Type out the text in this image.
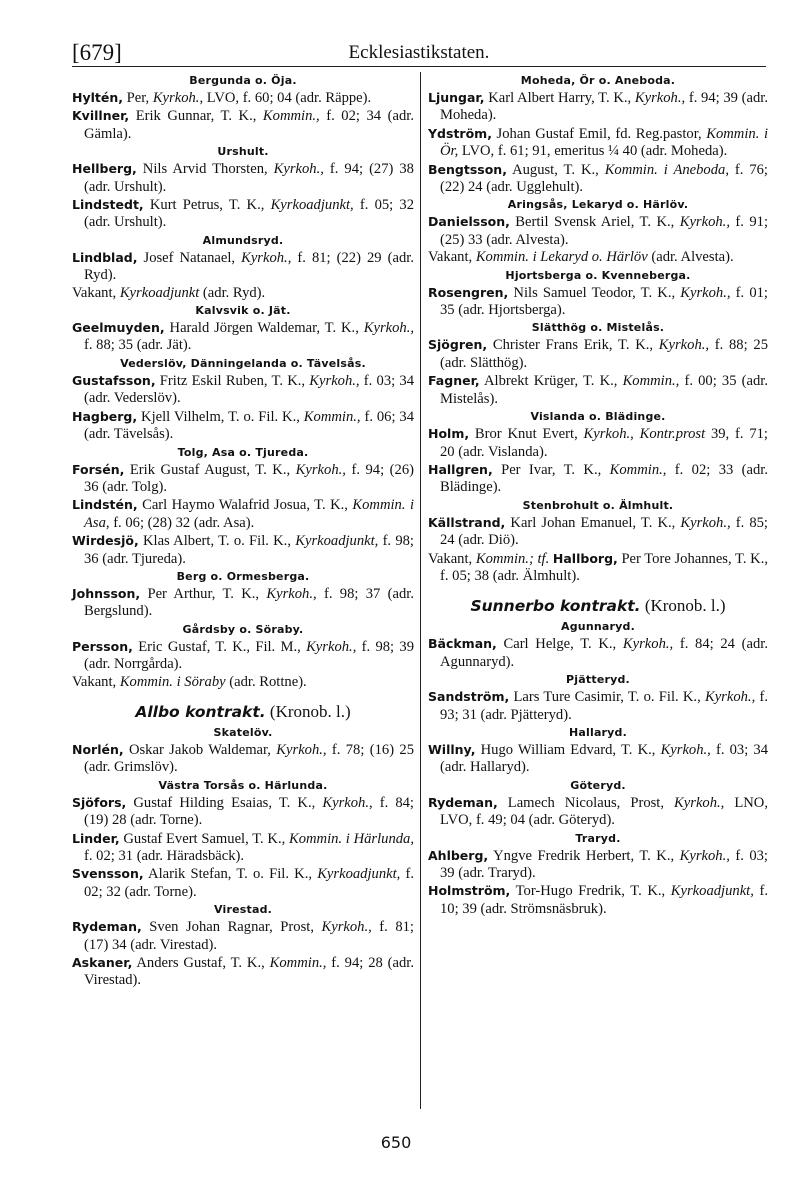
[679]	Ecklesiastikstaten.
Bergunda o. Öja.
Hyltén, Per, Kyrkoh., LVO, f. 60; 04 (adr. Räppe).
Kvillner, Erik Gunnar, T. K., Kommin., f. 02; 34 (adr. Gämla).
Urshult.
Hellberg, Nils Arvid Thorsten, Kyrkoh., f. 94; (27) 38 (adr. Urshult).
Lindstedt, Kurt Petrus, T. K., Kyrkoadjunkt, f. 05; 32 (adr. Urshult).
Almundsryd.
Lindblad, Josef Natanael, Kyrkoh., f. 81; (22) 29 (adr. Ryd).
Vakant, Kyrkoadjunkt (adr. Ryd).
Kalvsvik o. Jät.
Geelmuyden, Harald Jörgen Waldemar, T. K., Kyrkoh., f. 88; 35 (adr. Jät).
Vederslöv, Dänningelanda o. Tävelsås.
Gustafsson, Fritz Eskil Ruben, T. K., Kyrkoh., f. 03; 34 (adr. Vederslöv).
Hagberg, Kjell Vilhelm, T. o. Fil. K., Kommin., f. 06; 34 (adr. Tävelsås).
Tolg, Asa o. Tjureda.
Forsén, Erik Gustaf August, T. K., Kyrkoh., f. 94; (26) 36 (adr. Tolg).
Lindstén, Carl Haymo Walafrid Josua, T. K., Kommin. i Asa, f. 06; (28) 32 (adr. Asa).
Wirdesjö, Klas Albert, T. o. Fil. K., Kyrkoadjunkt, f. 98; 36 (adr. Tjureda).
Berg o. Ormesberga.
Johnsson, Per Arthur, T. K., Kyrkoh., f. 98; 37 (adr. Bergslund).
Gårdsby o. Söraby.
Persson, Eric Gustaf, T. K., Fil. M., Kyrkoh., f. 98; 39 (adr. Norrgårda).
Vakant, Kommin. i Söraby (adr. Rottne).
Allbo kontrakt. (Kronob. l.)
Skatelöv.
Norlén, Oskar Jakob Waldemar, Kyrkoh., f. 78; (16) 25 (adr. Grimslöv).
Västra Torsås o. Härlunda.
Sjöfors, Gustaf Hilding Esaias, T. K., Kyrkoh., f. 84; (19) 28 (adr. Torne).
Linder, Gustaf Evert Samuel, T. K., Kommin. i Härlunda, f. 02; 31 (adr. Häradsbäck).
Svensson, Alarik Stefan, T. o. Fil. K., Kyrkoadjunkt, f. 02; 32 (adr. Torne).
Virestad.
Rydeman, Sven Johan Ragnar, Prost, Kyrkoh., f. 81; (17) 34 (adr. Virestad).
Askaner, Anders Gustaf, T. K., Kommin., f. 94; 28 (adr. Virestad).
Moheda, Ör o. Aneboda.
Ljungar, Karl Albert Harry, T. K., Kyrkoh., f. 94; 39 (adr. Moheda).
Ydström, Johan Gustaf Emil, fd. Reg.pastor, Kommin. i Ör, LVO, f. 61; 91, emeritus ¼ 40 (adr. Moheda).
Bengtsson, August, T. K., Kommin. i Aneboda, f. 76; (22) 24 (adr. Ugglehult).
Aringsås, Lekaryd o. Härlöv.
Danielsson, Bertil Svensk Ariel, T. K., Kyrkoh., f. 91; (25) 33 (adr. Alvesta).
Vakant, Kommin. i Lekaryd o. Härlöv (adr. Alvesta).
Hjortsberga o. Kvenneberga.
Rosengren, Nils Samuel Teodor, T. K., Kyrkoh., f. 01; 35 (adr. Hjortsberga).
Slätthög o. Mistelås.
Sjögren, Christer Frans Erik, T. K., Kyrkoh., f. 88; 25 (adr. Slätthög).
Fagner, Albrekt Krüger, T. K., Kommin., f. 00; 35 (adr. Mistelås).
Vislanda o. Blädinge.
Holm, Bror Knut Evert, Kyrkoh., Kontr.prost 39, f. 71; 20 (adr. Vislanda).
Hallgren, Per Ivar, T. K., Kommin., f. 02; 33 (adr. Blädinge).
Stenbrohult o. Älmhult.
Källstrand, Karl Johan Emanuel, T. K., Kyrkoh., f. 85; 24 (adr. Diö).
Vakant, Kommin.; tf. Hallborg, Per Tore Johannes, T. K., f. 05; 38 (adr. Älmhult).
Sunnerbo kontrakt. (Kronob. l.)
Agunnaryd.
Bäckman, Carl Helge, T. K., Kyrkoh., f. 84; 24 (adr. Agunnaryd).
Pjätteryd.
Sandström, Lars Ture Casimir, T. o. Fil. K., Kyrkoh., f. 93; 31 (adr. Pjätteryd).
Hallaryd.
Willny, Hugo William Edvard, T. K., Kyrkoh., f. 03; 34 (adr. Hallaryd).
Göteryd.
Rydeman, Lamech Nicolaus, Prost, Kyrkoh., LNO, LVO, f. 49; 04 (adr. Göteryd).
Traryd.
Ahlberg, Yngve Fredrik Herbert, T. K., Kyrkoh., f. 03; 39 (adr. Traryd).
Holmström, Tor-Hugo Fredrik, T. K., Kyrkoadjunkt, f. 10; 39 (adr. Strömsnäsbruk).
650
